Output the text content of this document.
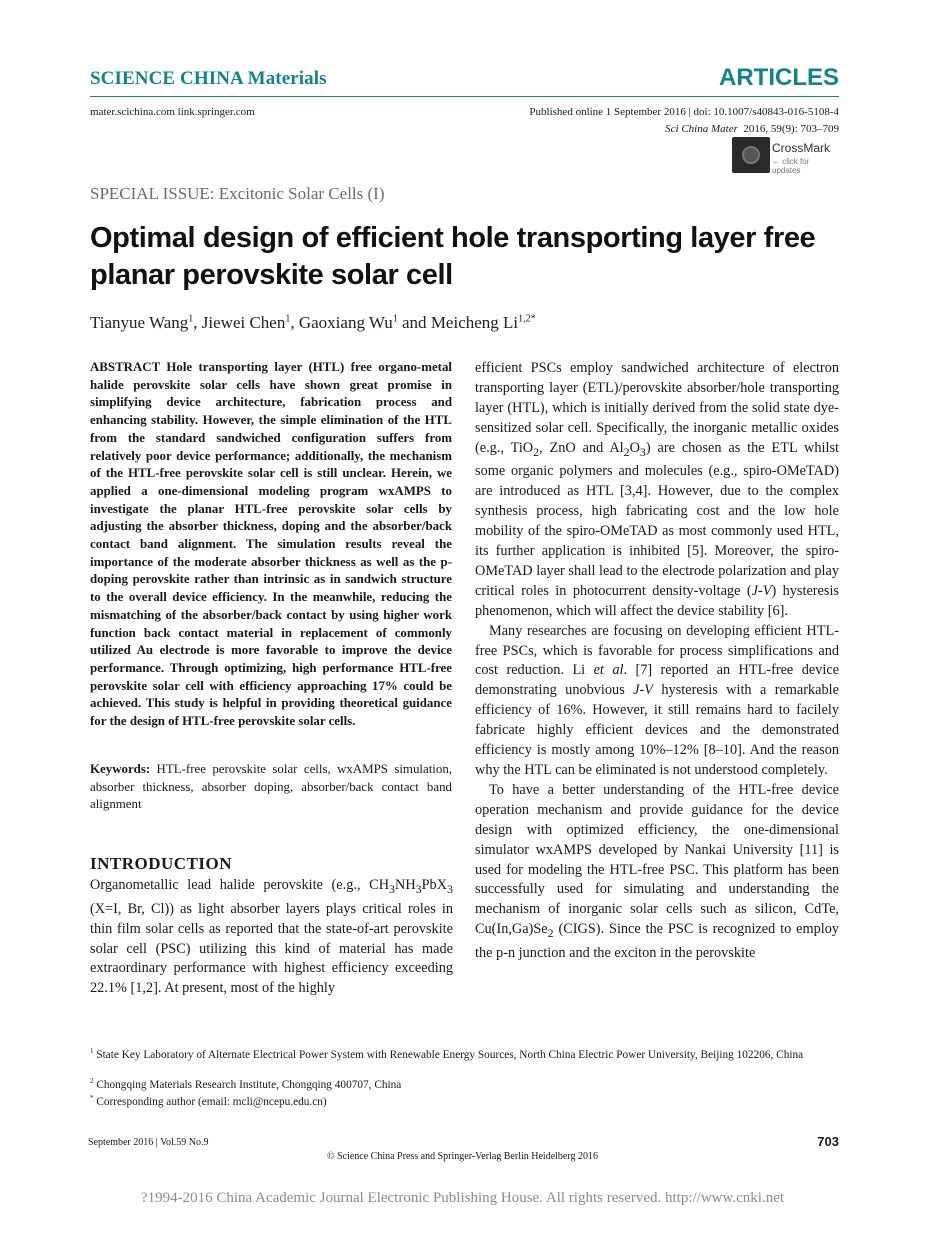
SCIENCE CHINA Materials	ARTICLES
mater.scichina.com link.springer.com	Published online 1 September 2016 | doi: 10.1007/s40843-016-5108-4
Sci China Mater 2016, 59(9): 703–709
CrossMark
← click for updates
SPECIAL ISSUE: Excitonic Solar Cells (I)
Optimal design of efficient hole transporting layer free planar perovskite solar cell
Tianyue Wang$^1$, Jiewei Chen$^1$, Gaoxiang Wu$^1$ and Meicheng $Li^{1,2*}$
ABSTRACT Hole transporting layer (HTL) free organo-metal halide perovskite solar cells have shown great promise in simplifying device architecture, fabrication process and enhancing stability. However, the simple elimination of the HTL from the standard sandwiched configuration suffers from relatively poor device performance; additionally, the mechanism of the HTL-free perovskite solar cell is still unclear. Herein, we applied a one-dimensional modeling program wxAMPS to investigate the planar HTL-free perovskite solar cells by adjusting the absorber thickness, doping and the absorber/back contact band alignment. The simulation results reveal the importance of the moderate absorber thickness as well as the p-doping perovskite rather than intrinsic as in sandwich structure to the overall device efficiency. In the meanwhile, reducing the mismatching of the absorber/back contact by using higher work function back contact material in replacement of commonly utilized Au electrode is more favorable to improve the device performance. Through optimizing, high performance HTL-free perovskite solar cell with efficiency approaching 17% could be achieved. This study is helpful in providing theoretical guidance for the design of HTL-free perovskite solar cells.
Keywords: HTL-free perovskite solar cells, wxAMPS simulation, absorber thickness, absorber doping, absorber/back contact band alignment
INTRODUCTION
Organometallic lead halide perovskite (e.g., $CH_3NH_3PbX_3$ (X=I, Br, Cl)) as light absorber layers plays critical roles in thin film solar cells as reported that the state-of-art perovskite solar cell (PSC) utilizing this kind of material has made extraordinary performance with highest efficiency exceeding 22.1% [1,2]. At present, most of the highly

efficient PSCs employ sandwiched architecture of electron transporting layer (ETL)/perovskite absorber/hole transporting layer (HTL), which is initially derived from the solid state dye-sensitized solar cell. Specifically, the inorganic metallic oxides (e.g., TiO$_2$, ZnO and $Al_2O_3$) are chosen as the ETL whilst some organic polymers and molecules (e.g., spiro-OMeTAD) are introduced as HTL [3,4]. However, due to the complex synthesis process, high fabricating cost and the low hole mobility of the spiro-OMeTAD as most commonly used HTL, its further application is inhibited [5]. Moreover, the spiro-OMeTAD layer shall lead to the electrode polarization and play critical roles in photocurrent density-voltage (J-V) hysteresis phenomenon, which will affect the device stability [6].

Many researches are focusing on developing efficient HTL-free PSCs, which is favorable for process simplifications and cost reduction. Li et al. [7] reported an HTL-free device demonstrating unobvious J-V hysteresis with a remarkable efficiency of 16%. However, it still remains hard to facilely fabricate highly efficient devices and the demonstrated efficiency is mostly among 10%–12% [8–10]. And the reason why the HTL can be eliminated is not understood completely.

To have a better understanding of the HTL-free device operation mechanism and provide guidance for the device design with optimized efficiency, the one-dimensional simulator wxAMPS developed by Nankai University [11] is used for modeling the HTL-free PSC. This platform has been successfully used for simulating and understanding the mechanism of inorganic solar cells such as silicon, CdTe, $Cu(In,Ga)Se_2$ (CIGS). Since the PSC is recognized to employ the p-n junction and the exciton in the perovskite

$^1$ State Key Laboratory of Alternate Electrical Power System with Renewable Energy Sources, North China Electric Power University, Beijing 102206, China
$^2$ Chongqing Materials Research Institute, Chongqing 400707, China
* Corresponding author (email: mcli@ncepu.edu.cn)
September 2016 | Vol.59 No.9	703
© Science China Press and Springer-Verlag Berlin Heidelberg 2016
?1994-2016 China Academic Journal Electronic Publishing House. All rights reserved. http://www.cnki.net
